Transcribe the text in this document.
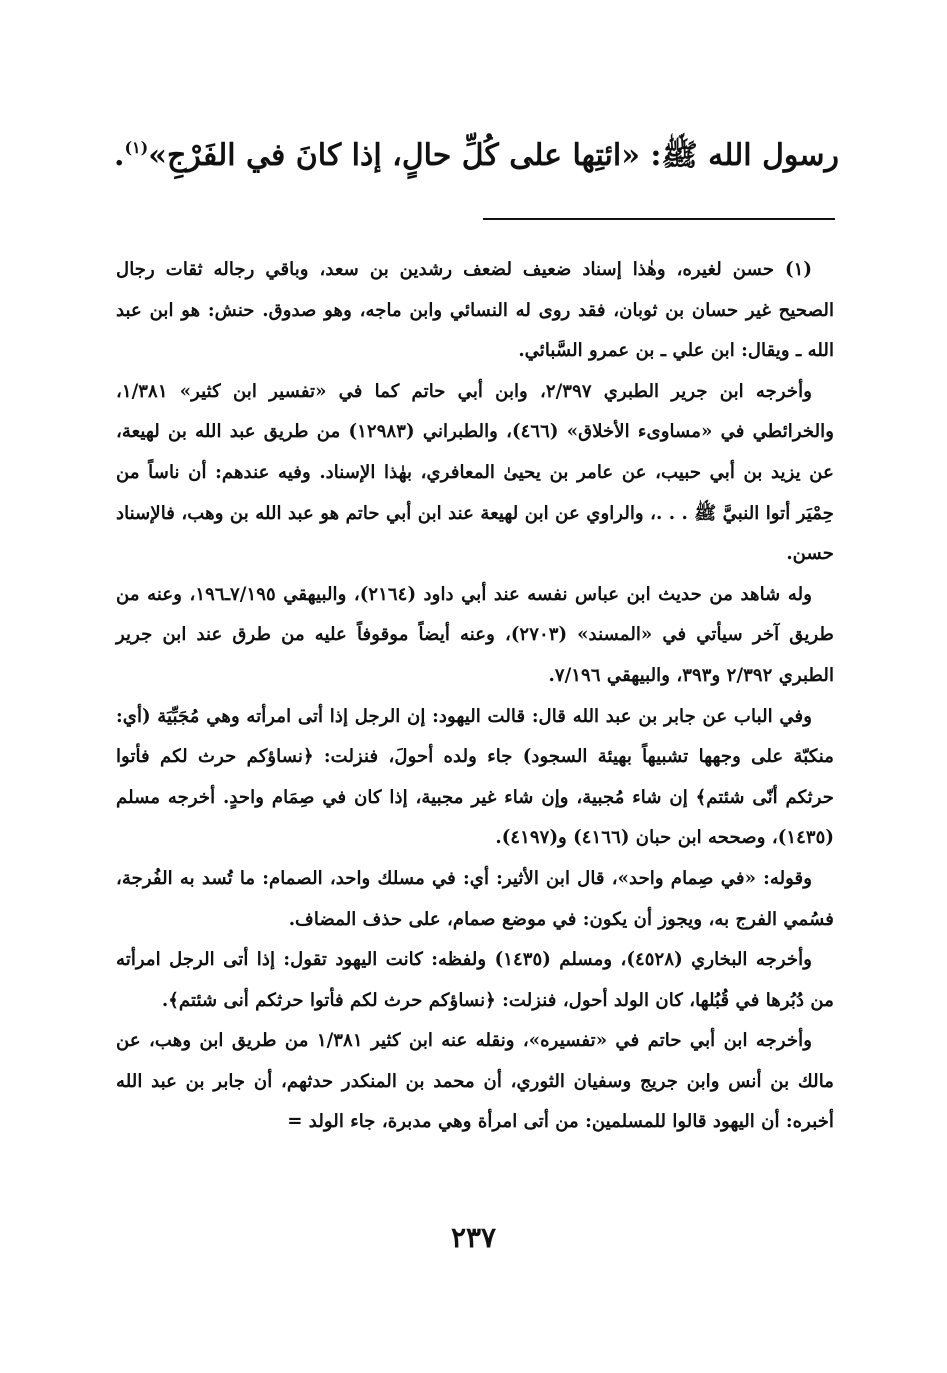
رسول الله ﷺ: «ائتِها على كُلِّ حالٍ، إذا كانَ في الفَرْجِ»$^{(١)}$.

(١) حسن لغيره، وهٰذا إسناد ضعيف لضعف رشدين بن سعد، وباقي رجاله ثقات رجال الصحيح غير حسان بن ثوبان، فقد روى له النسائي وابن ماجه، وهو صدوق. حنش: هو ابن عبد الله ـ ويقال: ابن علي ـ بن عمرو السَّبائي.

وأخرجه ابن جرير الطبري ٢/٣٩٧، وابن أبي حاتم كما في «تفسير ابن كثير» ١/٣٨١، والخرائطي في «مساوىء الأخلاق» (٤٦٦)، والطبراني (١٢٩٨٣) من طريق عبد الله بن لهيعة، عن يزيد بن أبي حبيب، عن عامر بن يحيىٰ المعافري، بهٰذا الإسناد. وفيه عندهم: أن ناساً من حِمْيَر أتوا النبيَّ ﷺ . . .، والراوي عن ابن لهيعة عند ابن أبي حاتم هو عبد الله بن وهب، فالإسناد حسن.

وله شاهد من حديث ابن عباس نفسه عند أبي داود (٢١٦٤)، والبيهقي ٧/١٩٥ـ١٩٦، وعنه من طريق آخر سيأتي في «المسند» (٢٧٠٣)، وعنه أيضاً موقوفاً عليه من طرق عند ابن جرير الطبري ٢/٣٩٢ و٣٩٣، والبيهقي ٧/١٩٦.

وفي الباب عن جابر بن عبد الله قال: قالت اليهود: إن الرجل إذا أتى امرأته وهي مُجَبِّيَة (أي: منكبّة على وجهها تشبيهاً بهيئة السجود) جاء ولده أحولَ، فنزلت: ﴿نساؤكم حرث لكم فأتوا حرثكم أنّى شئتم﴾ إن شاء مُجبية، وإن شاء غير مجبية، إذا كان في صِمَام واحدٍ. أخرجه مسلم (١٤٣٥)، وصححه ابن حبان (٤١٦٦) و(٤١٩٧).

وقوله: «في صِمام واحد»، قال ابن الأثير: أي: في مسلك واحد، الصمام: ما تُسد به الفُرجة، فسُمي الفرج به، ويجوز أن يكون: في موضع صمام، على حذف المضاف.

وأخرجه البخاري (٤٥٢٨)، ومسلم (١٤٣٥) ولفظه: كانت اليهود تقول: إذا أتى الرجل امرأته من دُبُرها في قُبُلها، كان الولد أحول، فنزلت: ﴿نساؤكم حرث لكم فأتوا حرثكم أنى شئتم﴾.

وأخرجه ابن أبي حاتم في «تفسيره»، ونقله عنه ابن كثير ١/٣٨١ من طريق ابن وهب، عن مالك بن أنس وابن جريج وسفيان الثوري، أن محمد بن المنكدر حدثهم، أن جابر بن عبد الله أخبره: أن اليهود قالوا للمسلمين: من أتى امرأة وهي مدبرة، جاء الولد =

٢٣٧
